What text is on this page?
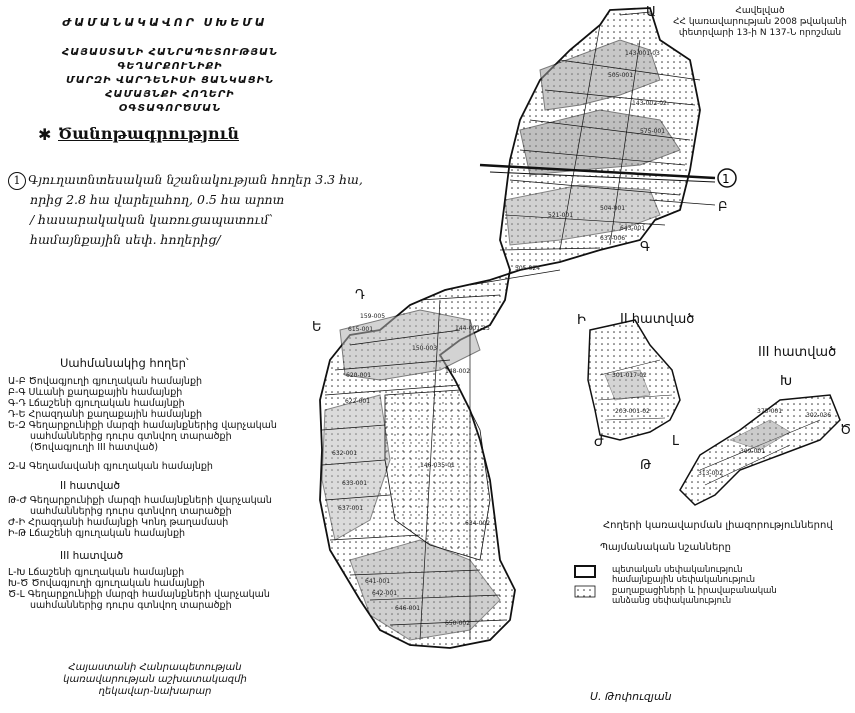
ԺԱՄԱՆԱԿԱՎՈՐ ՍԽԵՄԱ
ՀԱՅԱՍՏԱՆԻ ՀԱՆՐԱՊԵՏՈՒԹՅԱՆ ԳԵՂԱՐՔՈՒՆԻՔԻ
ՄԱՐԶԻ ՎԱՐԴԵՆԻՍԻ ՑԱՆԿԱՑԻՆ ՀԱՄԱՅՆՔԻ ՀՈՂԵՐԻ
ՕԳՏԱԳՈՐԾՄԱՆ
Հավելված
ՀՀ կառավարության 2008 թվականի
փետրվարի 13-ի N 137-Ն որոշման
✱ Ծանոթագրություն
1 Գյուղատնտեսական նշանակության հողեր 3.3 հա,
որից 2.8 հա վարելահող, 0.5 հա արոտ
/ հասարակական կառուցապատում՝
համայնքային սեփ. հողերից/
Սահմանակից հողեր՝
Ա-Բ Ծովագյուղի գյուղական համայնքի
Բ-Գ Սևանի քաղաքային համայնքի
Գ-Դ Լճաշենի գյուղական համայնքի
Դ-Ե Հրազդանի քաղաքային համայնքի
Ե-Զ Գեղարքունիքի մարզի համայնքներից վարչական
սահմաններից դուրս գտնվող տարածքի
(Ծովագյուղի III հատված)
Զ-Ա Գեղամավանի գյուղական համայնքի
II հատված
Թ-Ժ Գեղարքունիքի մարզի համայնքների վարչական
սահմաններից դուրս գտնվող տարածքի
Ժ-Ի Հրազդանի համայնքի Կոնդ թաղամասի
Ի-Թ Լճաշենի գյուղական համայնքի
III հատված
Լ-Խ Լճաշենի գյուղական համայնքի
Խ-Ծ Ծովագյուղի գյուղական համայնքի
Ծ-Լ Գեղարքունիքի մարզի համայնքների վարչական
սահմաններից դուրս գտնվող տարածքի
1
143-001-03
505-001
143-002-02
575-001
521-001
504-001
637-006
505-024
643-001
615-001
159-005
144-001-15
150-003
620-001
148-002
622-001
146-035-01
632-001
633-001
637-001
641-001
642-001
646-001
650-002
634-002
301-017-02
203-001-02	375-001
302-036
309-001
313-002
Ա
Բ
Գ
Դ
Ե	Ի
Ժ
Թ
Լ
Խ
Ծ
II հատված
III հատված
Հողերի կառավարման լիազորություններով
Պայմանական նշանները
պետական սեփականություն
համայնքային սեփականություն
քաղաքացիների և իրավաբանական
անձանց սեփականություն
Հայաստանի Հանրապետության
կառավարության աշխատակազմի
ղեկավար-նախարար	Ս. Թոփուզյան
